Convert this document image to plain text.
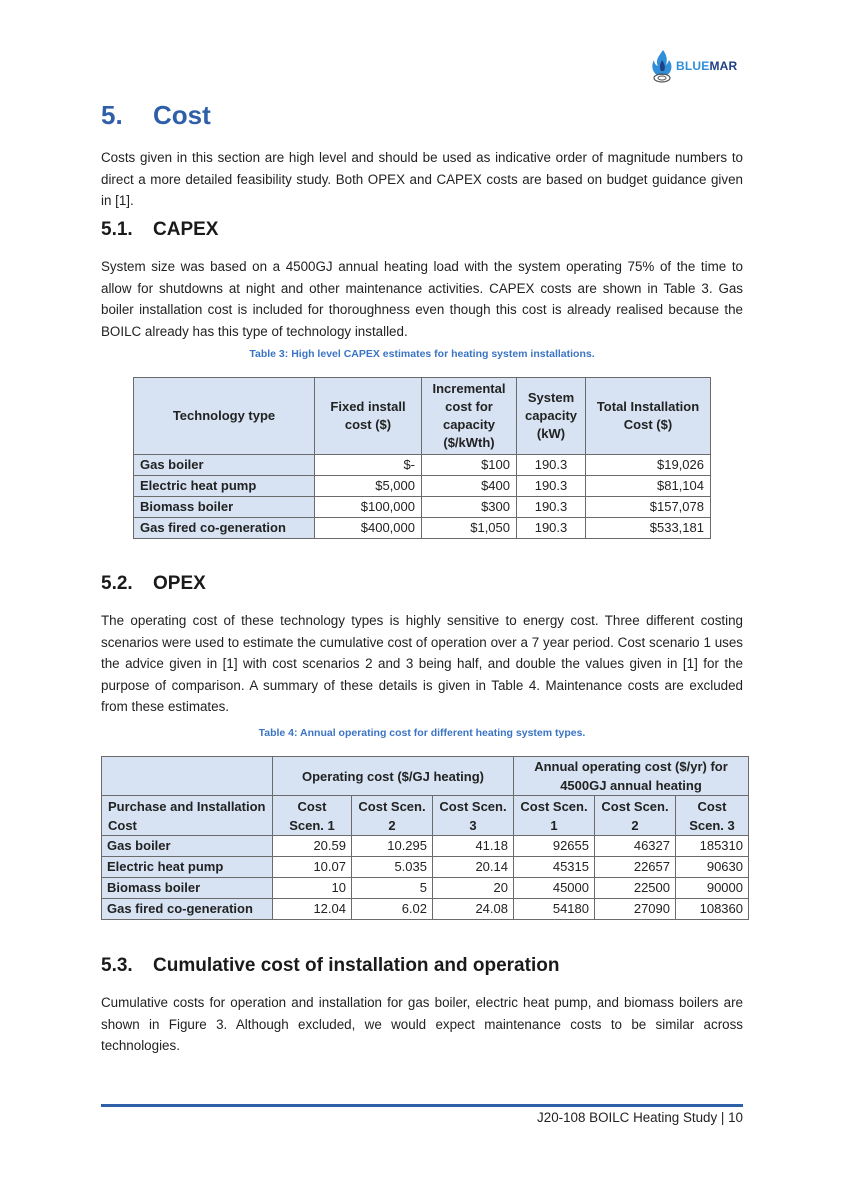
BLUEMAR
5. Cost

Costs given in this section are high level and should be used as indicative order of magnitude numbers to direct a more detailed feasibility study. Both OPEX and CAPEX costs are based on budget guidance given in [1].

5.1. CAPEX

System size was based on a 4500GJ annual heating load with the system operating 75% of the time to allow for shutdowns at night and other maintenance activities. CAPEX costs are shown in Table 3. Gas boiler installation cost is included for thoroughness even though this cost is already realised because the BOILC already has this type of technology installed.

Table 3: High level CAPEX estimates for heating system installations.
Technology type	Fixed install cost ($)	Incremental cost for capacity ($/kWth)	System capacity (kW)	Total Installation Cost ($)
Gas boiler	$-	$100	190.3	$19,026
Electric heat pump	$5,000	$400	190.3	$81,104
Biomass boiler	$100,000	$300	190.3	$157,078
Gas fired co-generation	$400,000	$1,050	190.3	$533,181
5.2. OPEX

The operating cost of these technology types is highly sensitive to energy cost. Three different costing scenarios were used to estimate the cumulative cost of operation over a 7 year period. Cost scenario 1 uses the advice given in [1] with cost scenarios 2 and 3 being half, and double the values given in [1] for the purpose of comparison. A summary of these details is given in Table 4. Maintenance costs are excluded from these estimates.

Table 4: Annual operating cost for different heating system types.
	Operating cost ($/GJ heating)			Annual operating cost ($/yr) for 4500GJ annual heating		
Purchase and Installation Cost	Cost Scen. 1	Cost Scen. 2	Cost Scen. 3	Cost Scen. 1	Cost Scen. 2	Cost Scen. 3
Gas boiler	20.59	10.295	41.18	92655	46327	185310
Electric heat pump	10.07	5.035	20.14	45315	22657	90630
Biomass boiler	10	5	20	45000	22500	90000
Gas fired co-generation	12.04	6.02	24.08	54180	27090	108360
5.3. Cumulative cost of installation and operation

Cumulative costs for operation and installation for gas boiler, electric heat pump, and biomass boilers are shown in Figure 3. Although excluded, we would expect maintenance costs to be similar across technologies.

J20-108 BOILC Heating Study | 10
